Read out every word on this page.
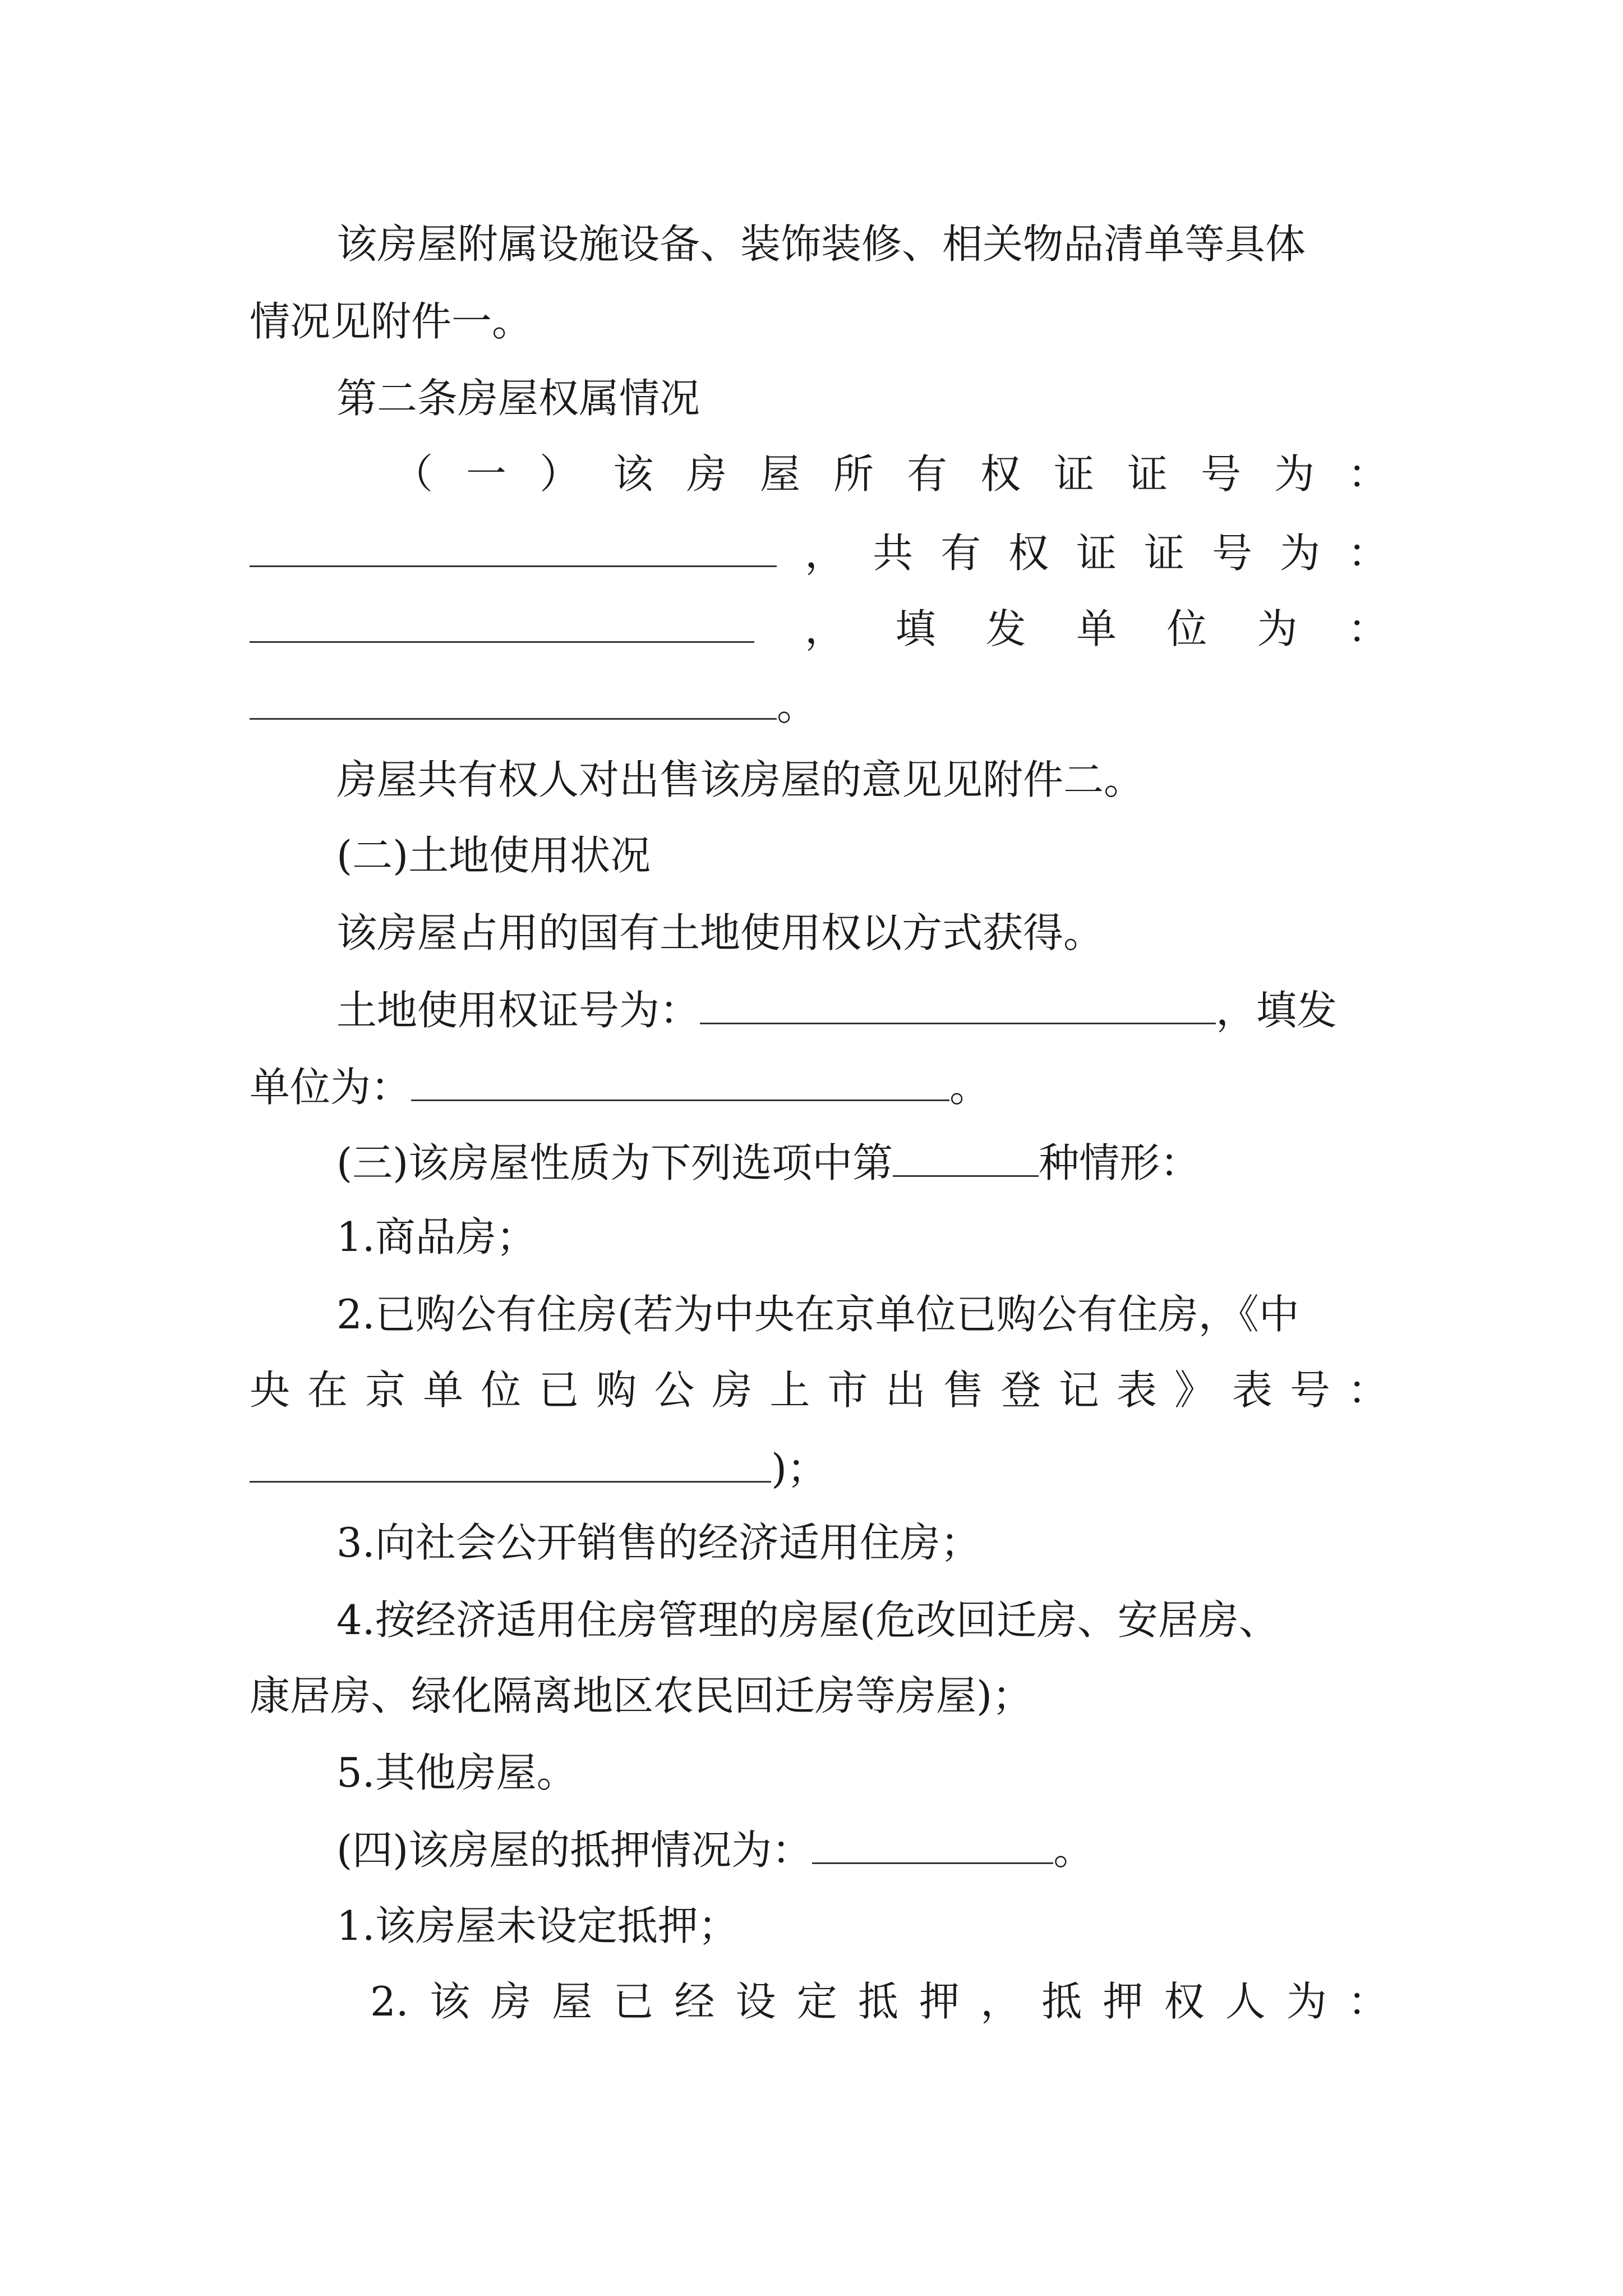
该房屋附属设施设备、装饰装修、相关物品清单等具体
情况见附件一。
第二条房屋权属情况
（一）该房屋所有权证证号为：
，共有权证证号为：
，填发单位为：
。
房屋共有权人对出售该房屋的意见见附件二。
(二)土地使用状况
该房屋占用的国有土地使用权以方式获得。
土地使用权证号为：	，填发
单位为：	。
(三)该房屋性质为下列选项中第	种情形：
1.商品房；
2.已购公有住房(若为中央在京单位已购公有住房，《中
央在京单位已购公房上市出售登记表》表号：
)；
3.向社会公开销售的经济适用住房；
4.按经济适用住房管理的房屋(危改回迁房、安居房、
康居房、绿化隔离地区农民回迁房等房屋)；
5.其他房屋。
(四)该房屋的抵押情况为：	。
1.该房屋未设定抵押；
2.该房屋已经设定抵押，抵押权人为：
